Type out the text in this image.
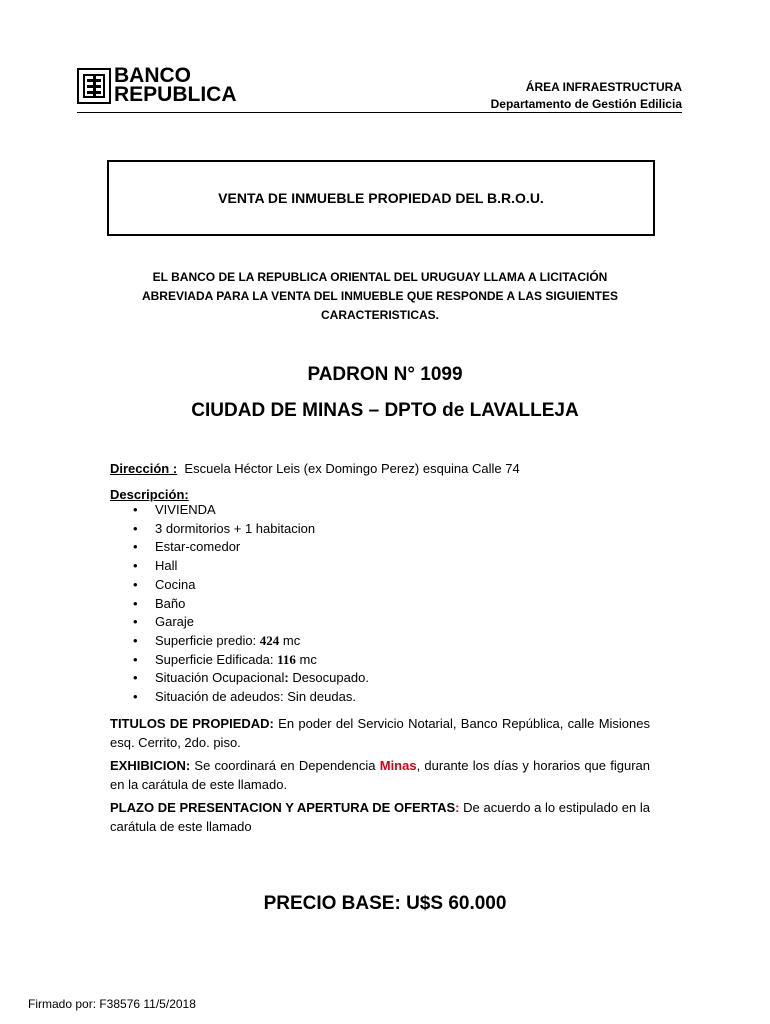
BANCO
REPUBLICA	ÁREA INFRAESTRUCTURA
Departamento de Gestión Edilicia
VENTA DE INMUEBLE PROPIEDAD DEL B.R.O.U.
EL BANCO DE LA REPUBLICA ORIENTAL DEL URUGUAY LLAMA A LICITACIÓN
ABREVIADA PARA LA VENTA DEL INMUEBLE QUE RESPONDE A LAS SIGUIENTES
CARACTERISTICAS.
PADRON N° 1099
CIUDAD DE MINAS – DPTO de LAVALLEJA
Dirección : Escuela Héctor Leis (ex Domingo Perez) esquina Calle 74
Descripción:
• VIVIENDA
• 3 dormitorios + 1 habitacion
• Estar-comedor
• Hall
• Cocina
• Baño
• Garaje
• Superficie predio: 424 mc
• Superficie Edificada: 116 mc
• Situación Ocupacional: Desocupado.
• Situación de adeudos: Sin deudas.
TITULOS DE PROPIEDAD: En poder del Servicio Notarial, Banco República, calle Misiones esq. Cerrito, 2do. piso.
EXHIBICION: Se coordinará en Dependencia Minas, durante los días y horarios que figuran en la carátula de este llamado.
PLAZO DE PRESENTACION Y APERTURA DE OFERTAS: De acuerdo a lo estipulado en la carátula de este llamado
PRECIO BASE: U$S 60.000
Firmado por: F38576 11/5/2018
